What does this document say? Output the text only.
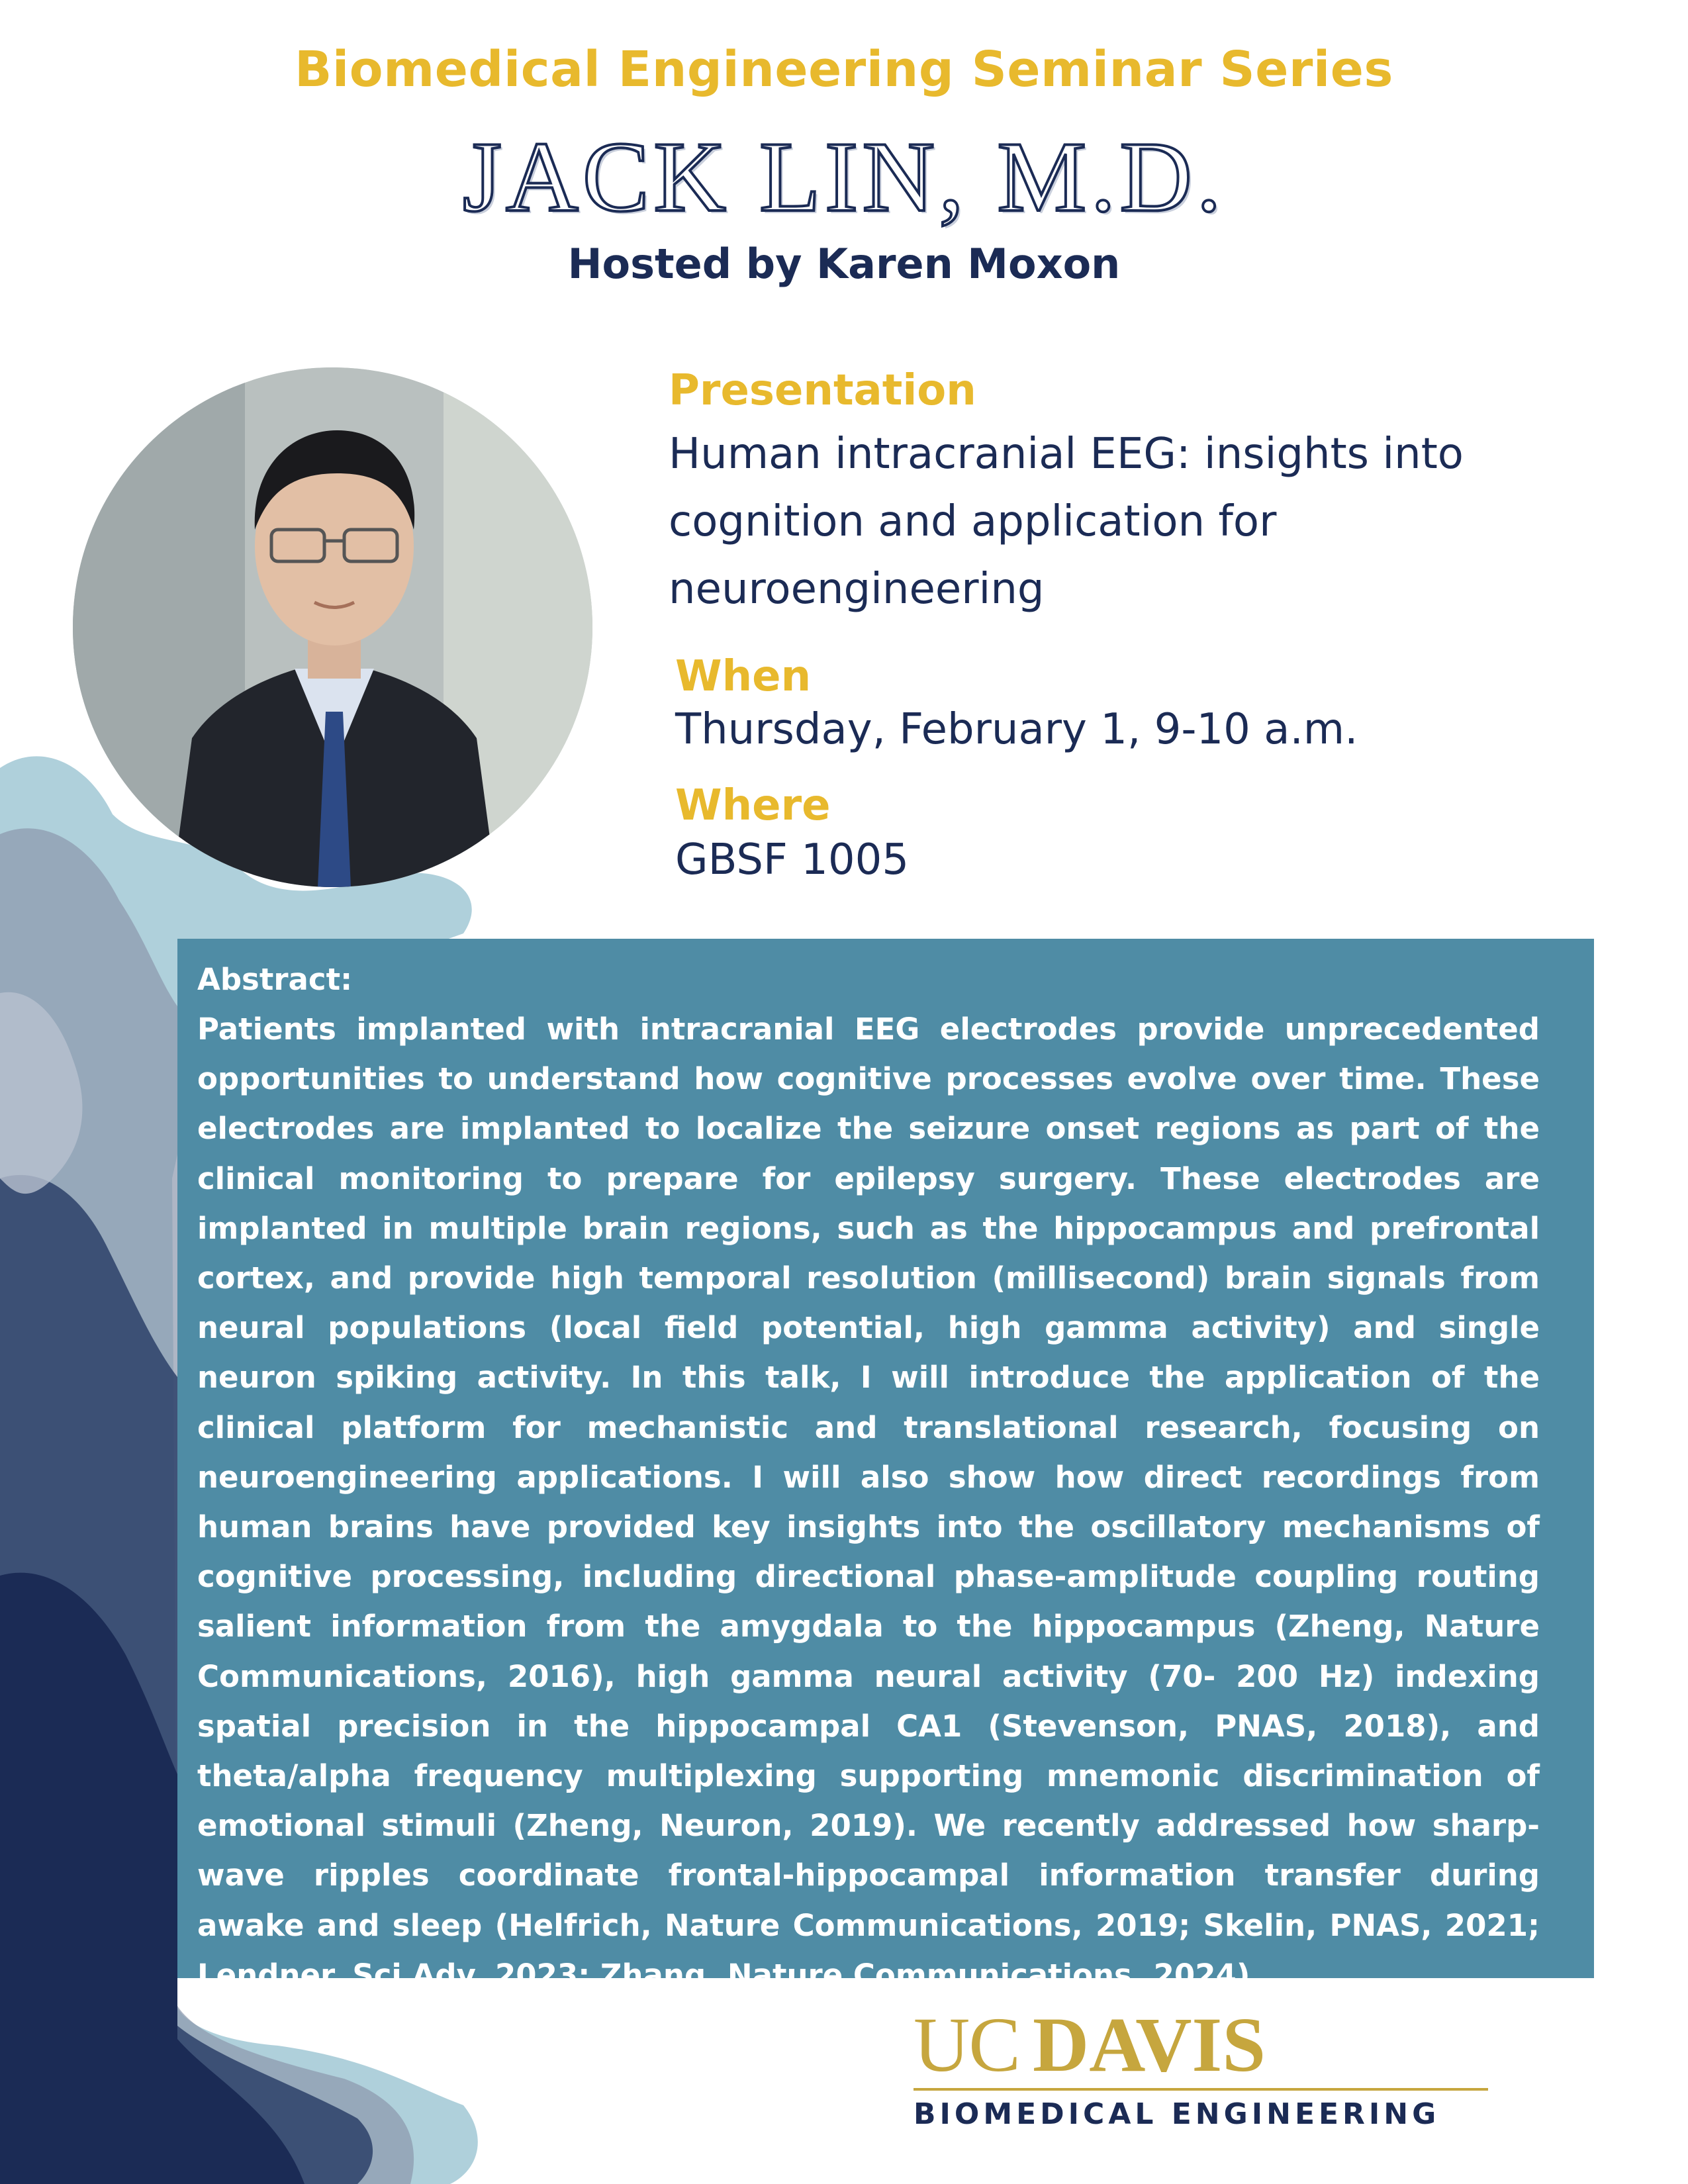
Biomedical Engineering Seminar Series
JACK LIN, M.D.
Hosted by Karen Moxon
Presentation
Human intracranial EEG: insights into cognition and application for neuroengineering
When
Thursday, February 1, 9-10 a.m.
Where
GBSF 1005
Abstract:
Patients implanted with intracranial EEG electrodes provide unprecedented opportunities to understand how cognitive processes evolve over time. These electrodes are implanted to localize the seizure onset regions as part of the clinical monitoring to prepare for epilepsy surgery. These electrodes are implanted in multiple brain regions, such as the hippocampus and prefrontal cortex, and provide high temporal resolution (millisecond) brain signals from neural populations (local field potential, high gamma activity) and single neuron spiking activity. In this talk, I will introduce the application of the clinical platform for mechanistic and translational research, focusing on neuroengineering applications. I will also show how direct recordings from human brains have provided key insights into the oscillatory mechanisms of cognitive processing, including directional phase-amplitude coupling routing salient information from the amygdala to the hippocampus (Zheng, Nature Communications, 2016), high gamma neural activity (70- 200 Hz) indexing spatial precision in the hippocampal CA1 (Stevenson, PNAS, 2018), and theta/alpha frequency multiplexing supporting mnemonic discrimination of emotional stimuli (Zheng, Neuron, 2019). We recently addressed how sharp-wave ripples coordinate frontal-hippocampal information transfer during awake and sleep (Helfrich, Nature Communications, 2019; Skelin, PNAS, 2021; Lendner, Sci Adv, 2023; Zhang, Nature Communications, 2024).
UC DAVIS
BIOMEDICAL ENGINEERING
